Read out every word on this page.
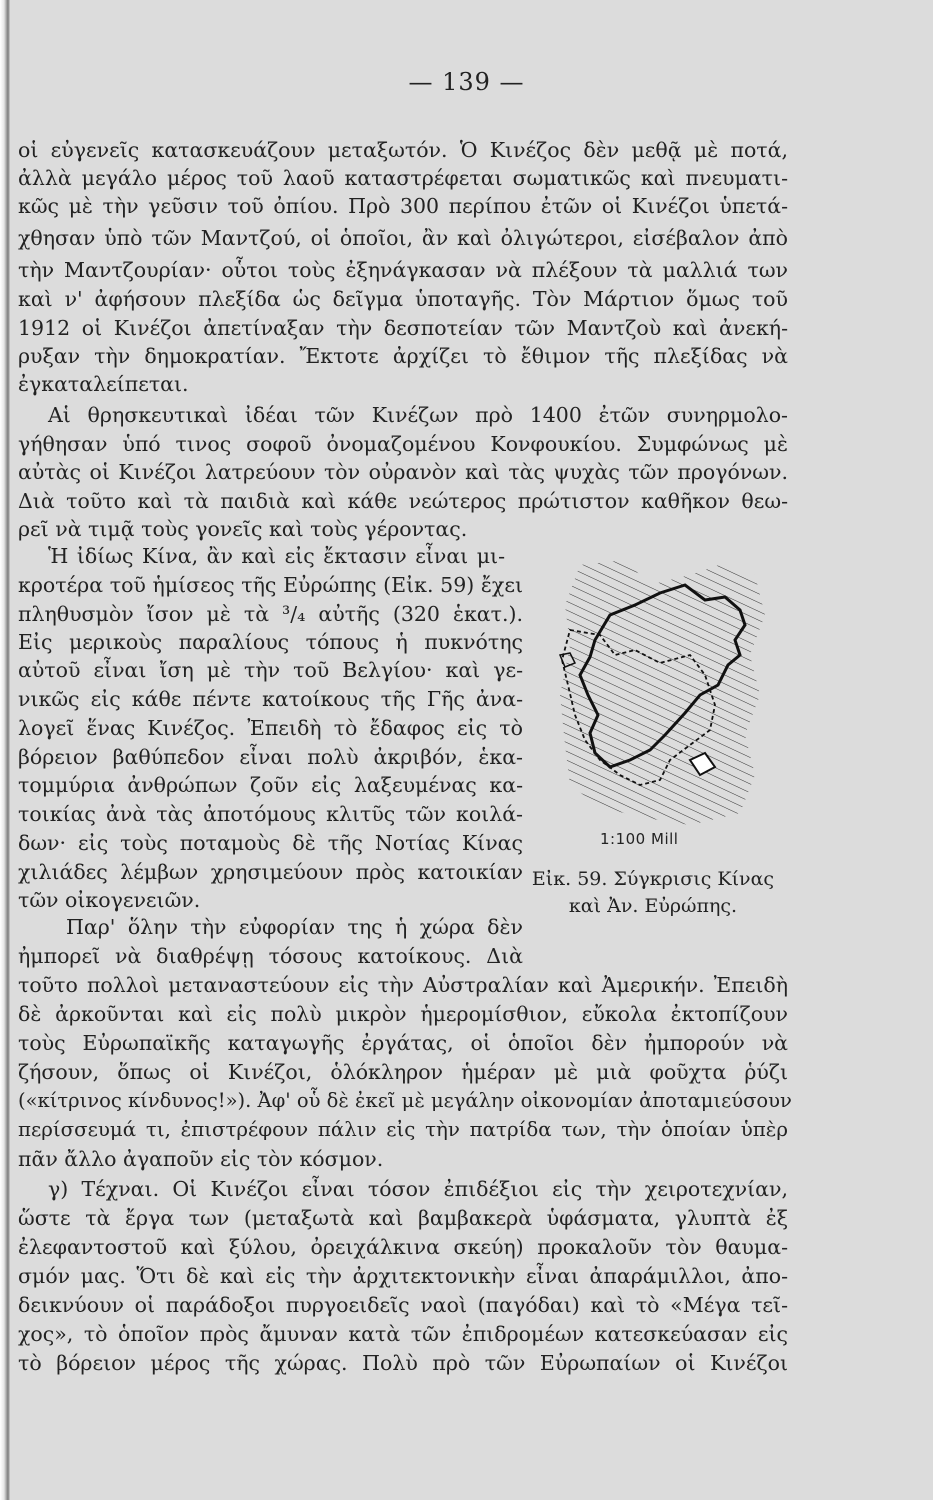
— 139 —
οἱ εὐγενεῖς κατασκευάζουν μεταξωτόν. Ὁ Κινέζος δὲν μεθᾷ μὲ ποτά,
ἀλλὰ μεγάλο μέρος τοῦ λαοῦ καταστρέφεται σωματικῶς καὶ πνευματι-
κῶς μὲ τὴν γεῦσιν τοῦ ὀπίου. Πρὸ 300 περίπου ἐτῶν οἱ Κινέζοι ὑπετά-
χθησαν ὑπὸ τῶν Μαντζού, οἱ ὁποῖοι, ἂν καὶ ὀλιγώτεροι, εἰσέβαλον ἀπὸ
τὴν Μαντζουρίαν· οὗτοι τοὺς ἐξηνάγκασαν νὰ πλέξουν τὰ μαλλιά των
καὶ ν' ἀφήσουν πλεξίδα ὡς δεῖγμα ὑποταγῆς. Τὸν Μάρτιον ὅμως τοῦ
1912 οἱ Κινέζοι ἀπετίναξαν τὴν δεσποτείαν τῶν Μαντζοὺ καὶ ἀνεκή-
ρυξαν τὴν δημοκρατίαν. Ἔκτοτε ἀρχίζει τὸ ἔθιμον τῆς πλεξίδας νὰ
ἐγκαταλείπεται.
Αἱ θρησκευτικαὶ ἰδέαι τῶν Κινέζων πρὸ 1400 ἐτῶν συνηρμολο-
γήθησαν ὑπό τινος σοφοῦ ὀνομαζομένου Κονφουκίου. Συμφώνως μὲ
αὐτὰς οἱ Κινέζοι λατρεύουν τὸν οὐρανὸν καὶ τὰς ψυχὰς τῶν προγόνων.
Διὰ τοῦτο καὶ τὰ παιδιὰ καὶ κάθε νεώτερος πρώτιστον καθῆκον θεω-
ρεῖ νὰ τιμᾷ τοὺς γονεῖς καὶ τοὺς γέροντας.
Ἡ ἰδίως Κίνα, ἂν καὶ εἰς ἔκτασιν εἶναι μι-
κροτέρα τοῦ ἡμίσεος τῆς Εὐρώπης (Εἰκ. 59) ἔχει
πληθυσμὸν ἴσον μὲ τὰ ³/₄ αὐτῆς (320 ἑκατ.).
Εἰς μερικοὺς παραλίους τόπους ἡ πυκνότης
αὐτοῦ εἶναι ἴση μὲ τὴν τοῦ Βελγίου· καὶ γε-
νικῶς εἰς κάθε πέντε κατοίκους τῆς Γῆς ἀνα-
λογεῖ ἕνας Κινέζος. Ἐπειδὴ τὸ ἔδαφος εἰς τὸ
βόρειον βαθύπεδον εἶναι πολὺ ἀκριβόν, ἑκα-
τομμύρια ἀνθρώπων ζοῦν εἰς λαξευμένας κα-
τοικίας ἀνὰ τὰς ἀποτόμους κλιτῦς τῶν κοιλά-
δων· εἰς τοὺς ποταμοὺς δὲ τῆς Νοτίας Κίνας
χιλιάδες λέμβων χρησιμεύουν πρὸς κατοικίαν
τῶν οἰκογενειῶν.
Παρ' ὅλην τὴν εὐφορίαν της ἡ χώρα δὲν
ἠμπορεῖ νὰ διαθρέψῃ τόσους κατοίκους. Διὰ
τοῦτο πολλοὶ μεταναστεύουν εἰς τὴν Αὐστραλίαν καὶ Ἀμερικήν. Ἐπειδὴ
δὲ ἀρκοῦνται καὶ εἰς πολὺ μικρὸν ἡμερομίσθιον, εὔκολα ἐκτοπίζουν
τοὺς Εὐρωπαϊκῆς καταγωγῆς ἐργάτας, οἱ ὁποῖοι δὲν ἠμπορούν νὰ
ζήσουν, ὅπως οἱ Κινέζοι, ὁλόκληρον ἡμέραν μὲ μιὰ φοῦχτα ῥύζι
(«κίτρινος κίνδυνος!»). Ἀφ' οὗ δὲ ἐκεῖ μὲ μεγάλην οἰκονομίαν ἀποταμιεύσουν
περίσσευμά τι, ἐπιστρέφουν πάλιν εἰς τὴν πατρίδα των, τὴν ὁποίαν ὑπὲρ
πᾶν ἄλλο ἀγαποῦν εἰς τὸν κόσμον.
γ) Τέχναι. Οἱ Κινέζοι εἶναι τόσον ἐπιδέξιοι εἰς τὴν χειροτεχνίαν,
ὥστε τὰ ἔργα των (μεταξωτὰ καὶ βαμβακερὰ ὑφάσματα, γλυπτὰ ἐξ
ἐλεφαντοστοῦ καὶ ξύλου, ὀρειχάλκινα σκεύη) προκαλοῦν τὸν θαυμα-
σμόν μας. Ὅτι δὲ καὶ εἰς τὴν ἀρχιτεκτονικὴν εἶναι ἀπαράμιλλοι, ἀπο-
δεικνύουν οἱ παράδοξοι πυργοειδεῖς ναοὶ (παγόδαι) καὶ τὸ «Μέγα τεῖ-
χος», τὸ ὁποῖον πρὸς ἄμυναν κατὰ τῶν ἐπιδρομέων κατεσκεύασαν εἰς
τὸ βόρειον μέρος τῆς χώρας. Πολὺ πρὸ τῶν Εὐρωπαίων οἱ Κινέζοι
1:100 Mill
Εἰκ. 59. Σύγκρισις Κίνας
καὶ Ἀν. Εὐρώπης.
